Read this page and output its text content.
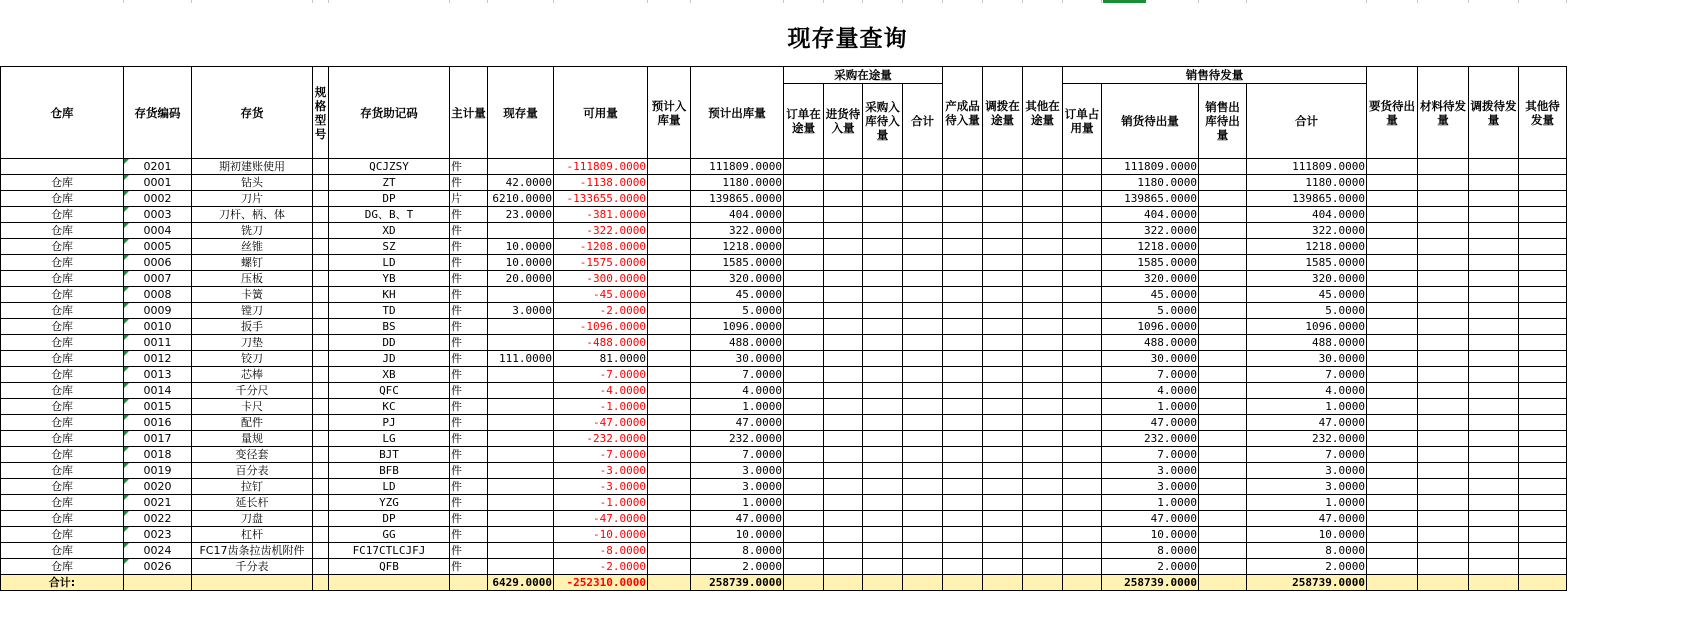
现存量查询
仓库	存货编码	存货	规格型号	存货助记码	主计量	现存量	可用量	预计入库量	预计出库量	采购在途量				产成品待入量	调拨在途量	其他在途量	销售待发量				要货待出量	材料待发量	调拨待发量	其他待发量	
										订单在途量	进货待入量	采购入库待入量	合计				订单占用量	销货待出量	销售出库待出量	合计					
	0201	期初建账使用		QCJZSY	件		-111809.0000		111809.0000									111809.0000		111809.0000					
仓库	0001	钻头		ZT	件	42.0000	-1138.0000		1180.0000									1180.0000		1180.0000					
仓库	0002	刀片		DP	片	6210.0000	-133655.0000		139865.0000									139865.0000		139865.0000					
仓库	0003	刀杆、柄、体		DG、B、T	件	23.0000	-381.0000		404.0000									404.0000		404.0000					
仓库	0004	铣刀		XD	件		-322.0000		322.0000									322.0000		322.0000					
仓库	0005	丝锥		SZ	件	10.0000	-1208.0000		1218.0000									1218.0000		1218.0000					
仓库	0006	螺钉		LD	件	10.0000	-1575.0000		1585.0000									1585.0000		1585.0000					
仓库	0007	压板		YB	件	20.0000	-300.0000		320.0000									320.0000		320.0000					
仓库	0008	卡簧		KH	件		-45.0000		45.0000									45.0000		45.0000					
仓库	0009	镗刀		TD	件	3.0000	-2.0000		5.0000									5.0000		5.0000					
仓库	0010	扳手		BS	件		-1096.0000		1096.0000									1096.0000		1096.0000					
仓库	0011	刀垫		DD	件		-488.0000		488.0000									488.0000		488.0000					
仓库	0012	铰刀		JD	件	111.0000	81.0000		30.0000									30.0000		30.0000					
仓库	0013	芯棒		XB	件		-7.0000		7.0000									7.0000		7.0000					
仓库	0014	千分尺		QFC	件		-4.0000		4.0000									4.0000		4.0000					
仓库	0015	卡尺		KC	件		-1.0000		1.0000									1.0000		1.0000					
仓库	0016	配件		PJ	件		-47.0000		47.0000									47.0000		47.0000					
仓库	0017	量规		LG	件		-232.0000		232.0000									232.0000		232.0000					
仓库	0018	变径套		BJT	件		-7.0000		7.0000									7.0000		7.0000					
仓库	0019	百分表		BFB	件		-3.0000		3.0000									3.0000		3.0000					
仓库	0020	拉钉		LD	件		-3.0000		3.0000									3.0000		3.0000					
仓库	0021	延长杆		YZG	件		-1.0000		1.0000									1.0000		1.0000					
仓库	0022	刀盘		DP	件		-47.0000		47.0000									47.0000		47.0000					
仓库	0023	杠杆		GG	件		-10.0000		10.0000									10.0000		10.0000					
仓库	0024	FC17齿条拉齿机附件		FC17CTLCJFJ	件		-8.0000		8.0000									8.0000		8.0000					
仓库	0026	千分表		QFB	件		-2.0000		2.0000									2.0000		2.0000					
合计:						6429.0000	-252310.0000		258739.0000									258739.0000		258739.0000					
